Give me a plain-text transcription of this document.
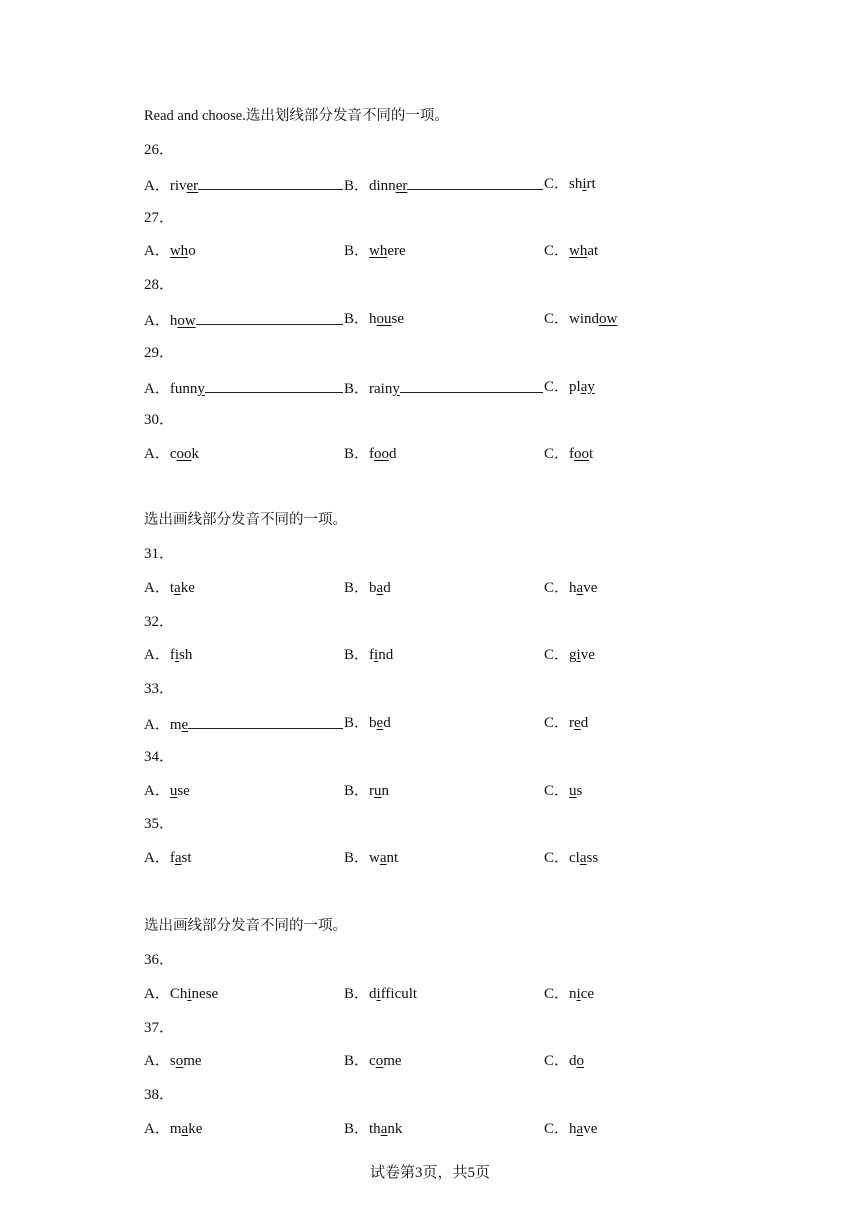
Read and choose.选出划线部分发音不同的一项。
26．
A．river	B．dinner	C．shirt
27．
A．who	B．where	C．what
28．
A．how	B．house	C．window
29．
A．funny	B．rainy	C．play
30．
A．cook	B．food	C．foot
选出画线部分发音不同的一项。
31．
A．take	B．bad	C．have
32．
A．fish	B．find	C．give
33．
A．me	B．bed	C．red
34．
A．use	B．run	C．us
35．
A．fast	B．want	C．class
选出画线部分发音不同的一项。
36．
A．Chinese	B．difficult	C．nice
37．
A．some	B．come	C．do
38．
A．make	B．thank	C．have
试卷第3页，共5页
